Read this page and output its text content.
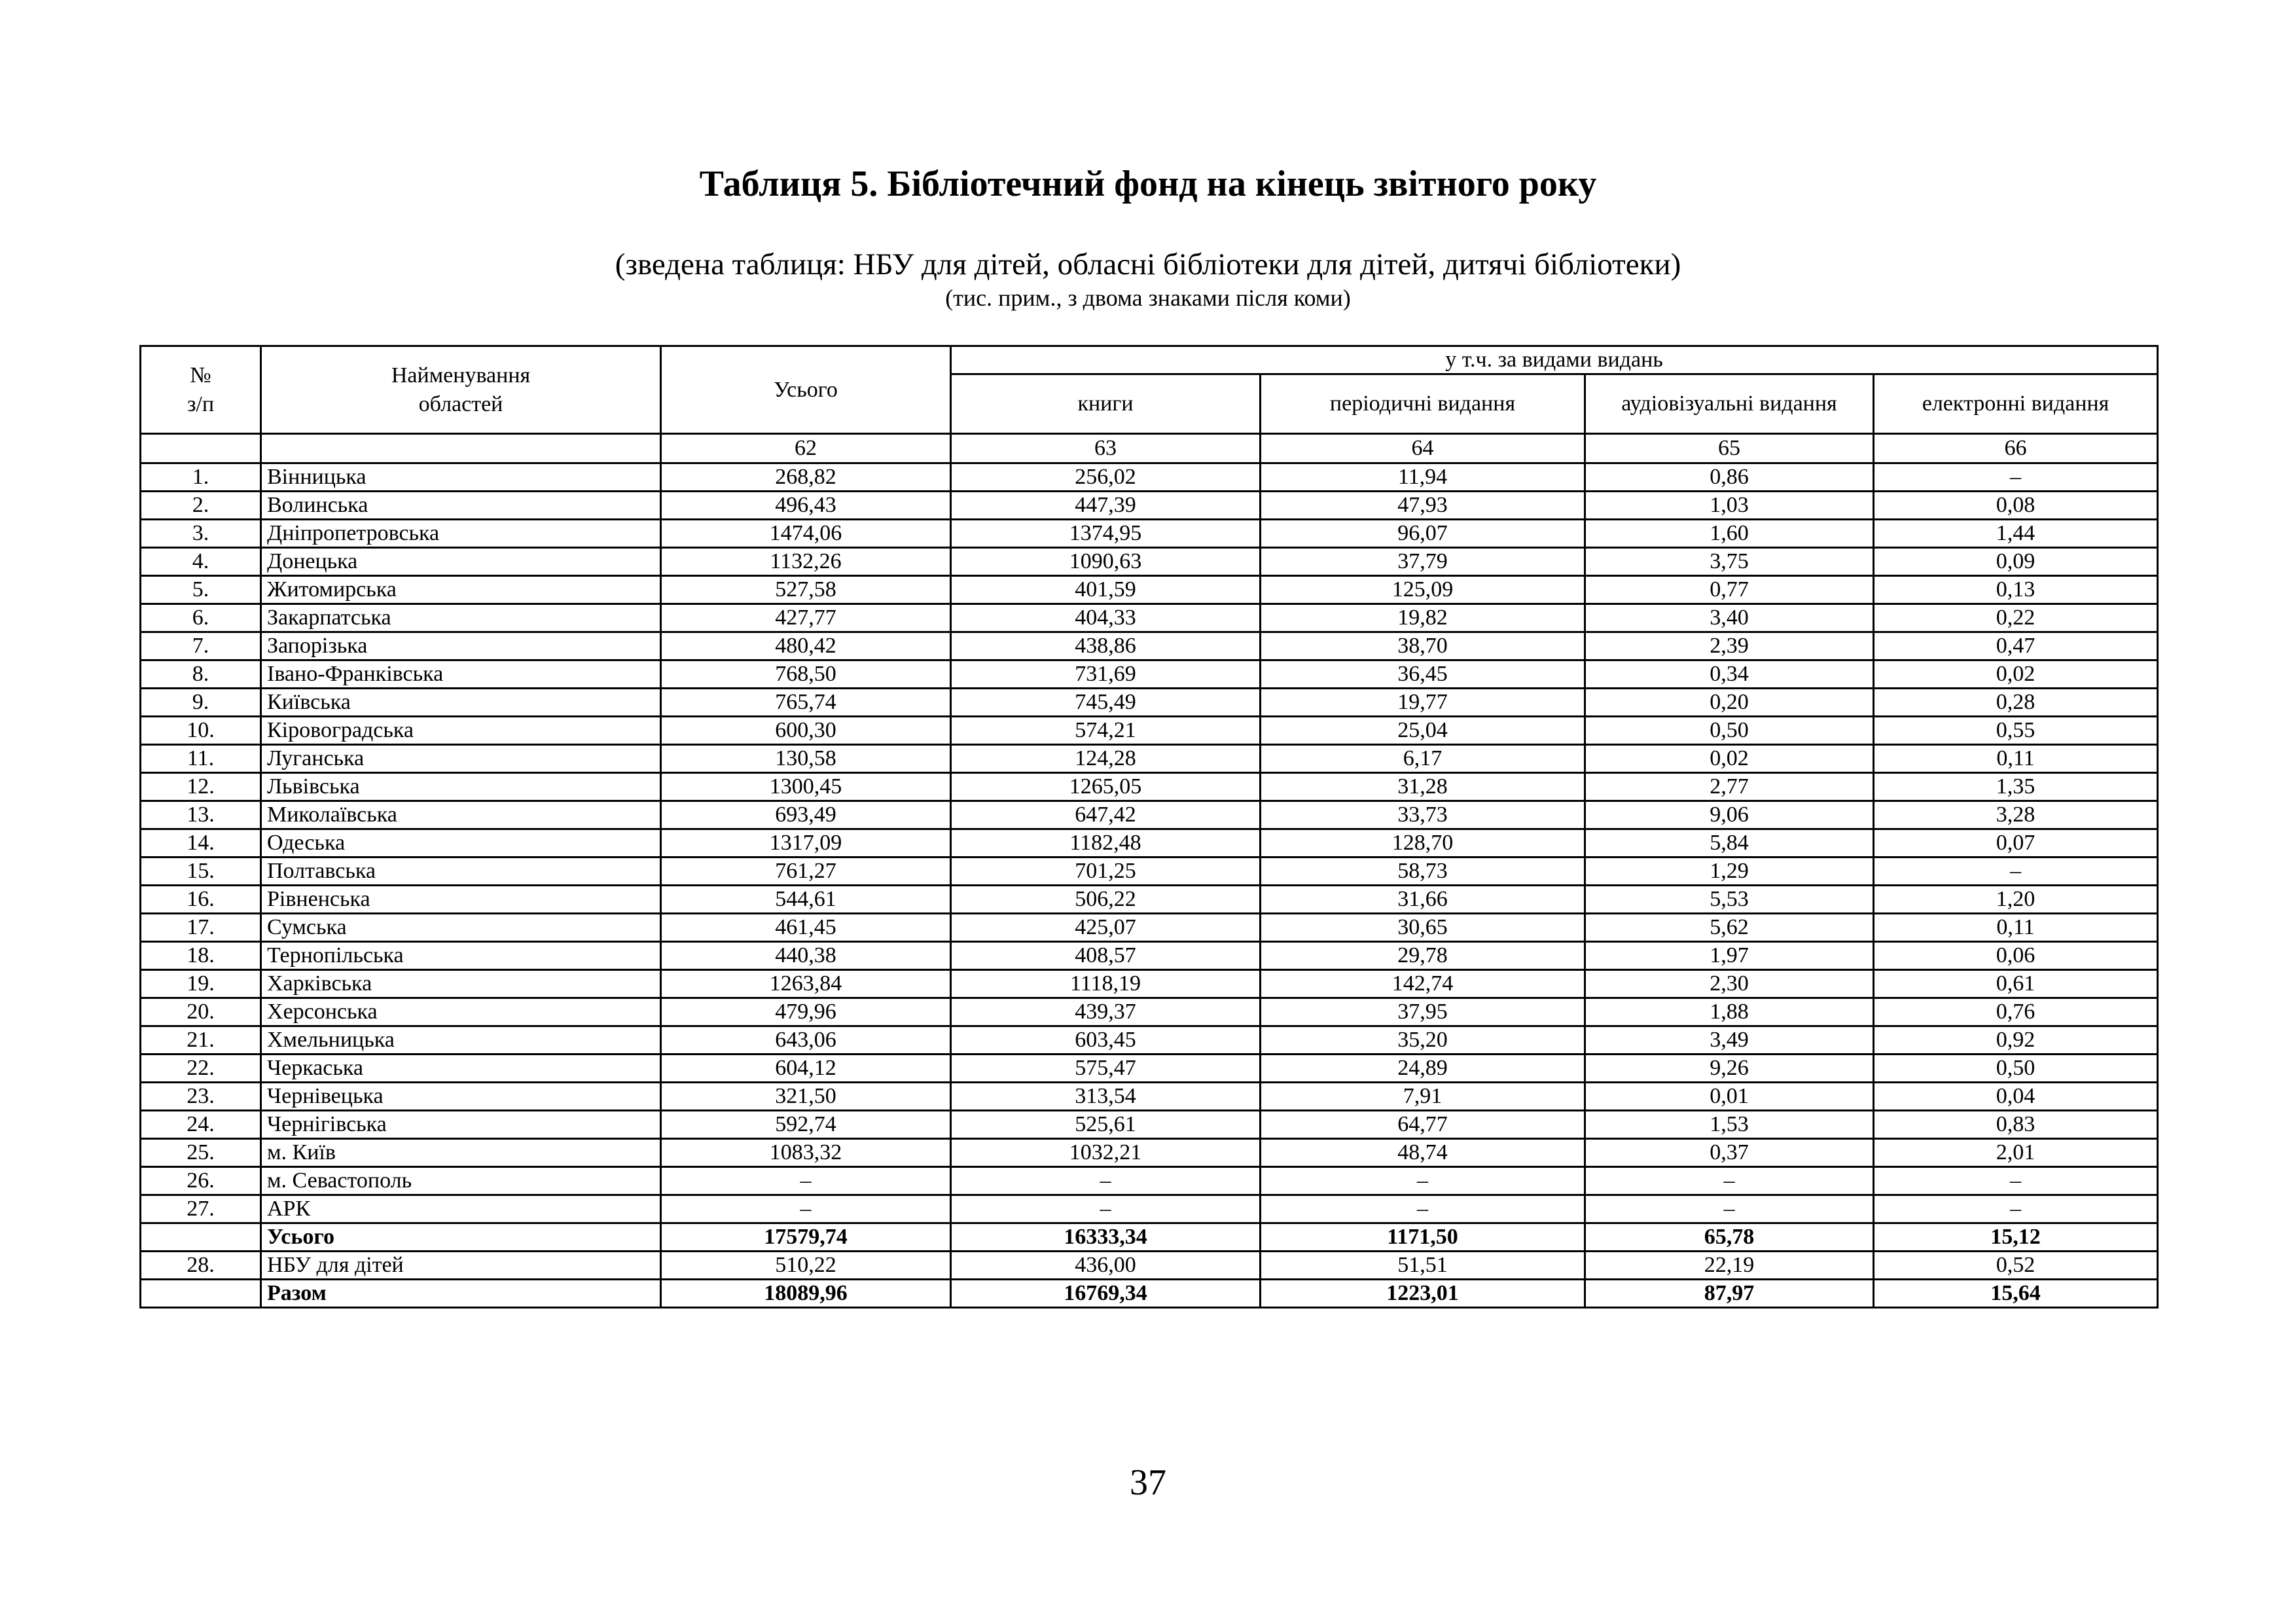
Таблиця 5. Бібліотечний фонд на кінець звітного року
(зведена таблиця: НБУ для дітей, обласні бібліотеки для дітей, дитячі бібліотеки)
(тис. прим., з двома знаками після коми)
№
з/п	Найменування
областей	Усього	у т.ч. за видами видань			
			книги	періодичні видання	аудіовізуальні видання	електронні видання
		62	63	64	65	66
1.	Вінницька	268,82	256,02	11,94	0,86	–
2.	Волинська	496,43	447,39	47,93	1,03	0,08
3.	Дніпропетровська	1474,06	1374,95	96,07	1,60	1,44
4.	Донецька	1132,26	1090,63	37,79	3,75	0,09
5.	Житомирська	527,58	401,59	125,09	0,77	0,13
6.	Закарпатська	427,77	404,33	19,82	3,40	0,22
7.	Запорізька	480,42	438,86	38,70	2,39	0,47
8.	Івано-Франківська	768,50	731,69	36,45	0,34	0,02
9.	Київська	765,74	745,49	19,77	0,20	0,28
10.	Кіровоградська	600,30	574,21	25,04	0,50	0,55
11.	Луганська	130,58	124,28	6,17	0,02	0,11
12.	Львівська	1300,45	1265,05	31,28	2,77	1,35
13.	Миколаївська	693,49	647,42	33,73	9,06	3,28
14.	Одеська	1317,09	1182,48	128,70	5,84	0,07
15.	Полтавська	761,27	701,25	58,73	1,29	–
16.	Рівненська	544,61	506,22	31,66	5,53	1,20
17.	Сумська	461,45	425,07	30,65	5,62	0,11
18.	Тернопільська	440,38	408,57	29,78	1,97	0,06
19.	Харківська	1263,84	1118,19	142,74	2,30	0,61
20.	Херсонська	479,96	439,37	37,95	1,88	0,76
21.	Хмельницька	643,06	603,45	35,20	3,49	0,92
22.	Черкаська	604,12	575,47	24,89	9,26	0,50
23.	Чернівецька	321,50	313,54	7,91	0,01	0,04
24.	Чернігівська	592,74	525,61	64,77	1,53	0,83
25.	м. Київ	1083,32	1032,21	48,74	0,37	2,01
26.	м. Севастополь	–	–	–	–	–
27.	АРК	–	–	–	–	–
	Усього	17579,74	16333,34	1171,50	65,78	15,12
28.	НБУ для дітей	510,22	436,00	51,51	22,19	0,52
	Разом	18089,96	16769,34	1223,01	87,97	15,64
37
